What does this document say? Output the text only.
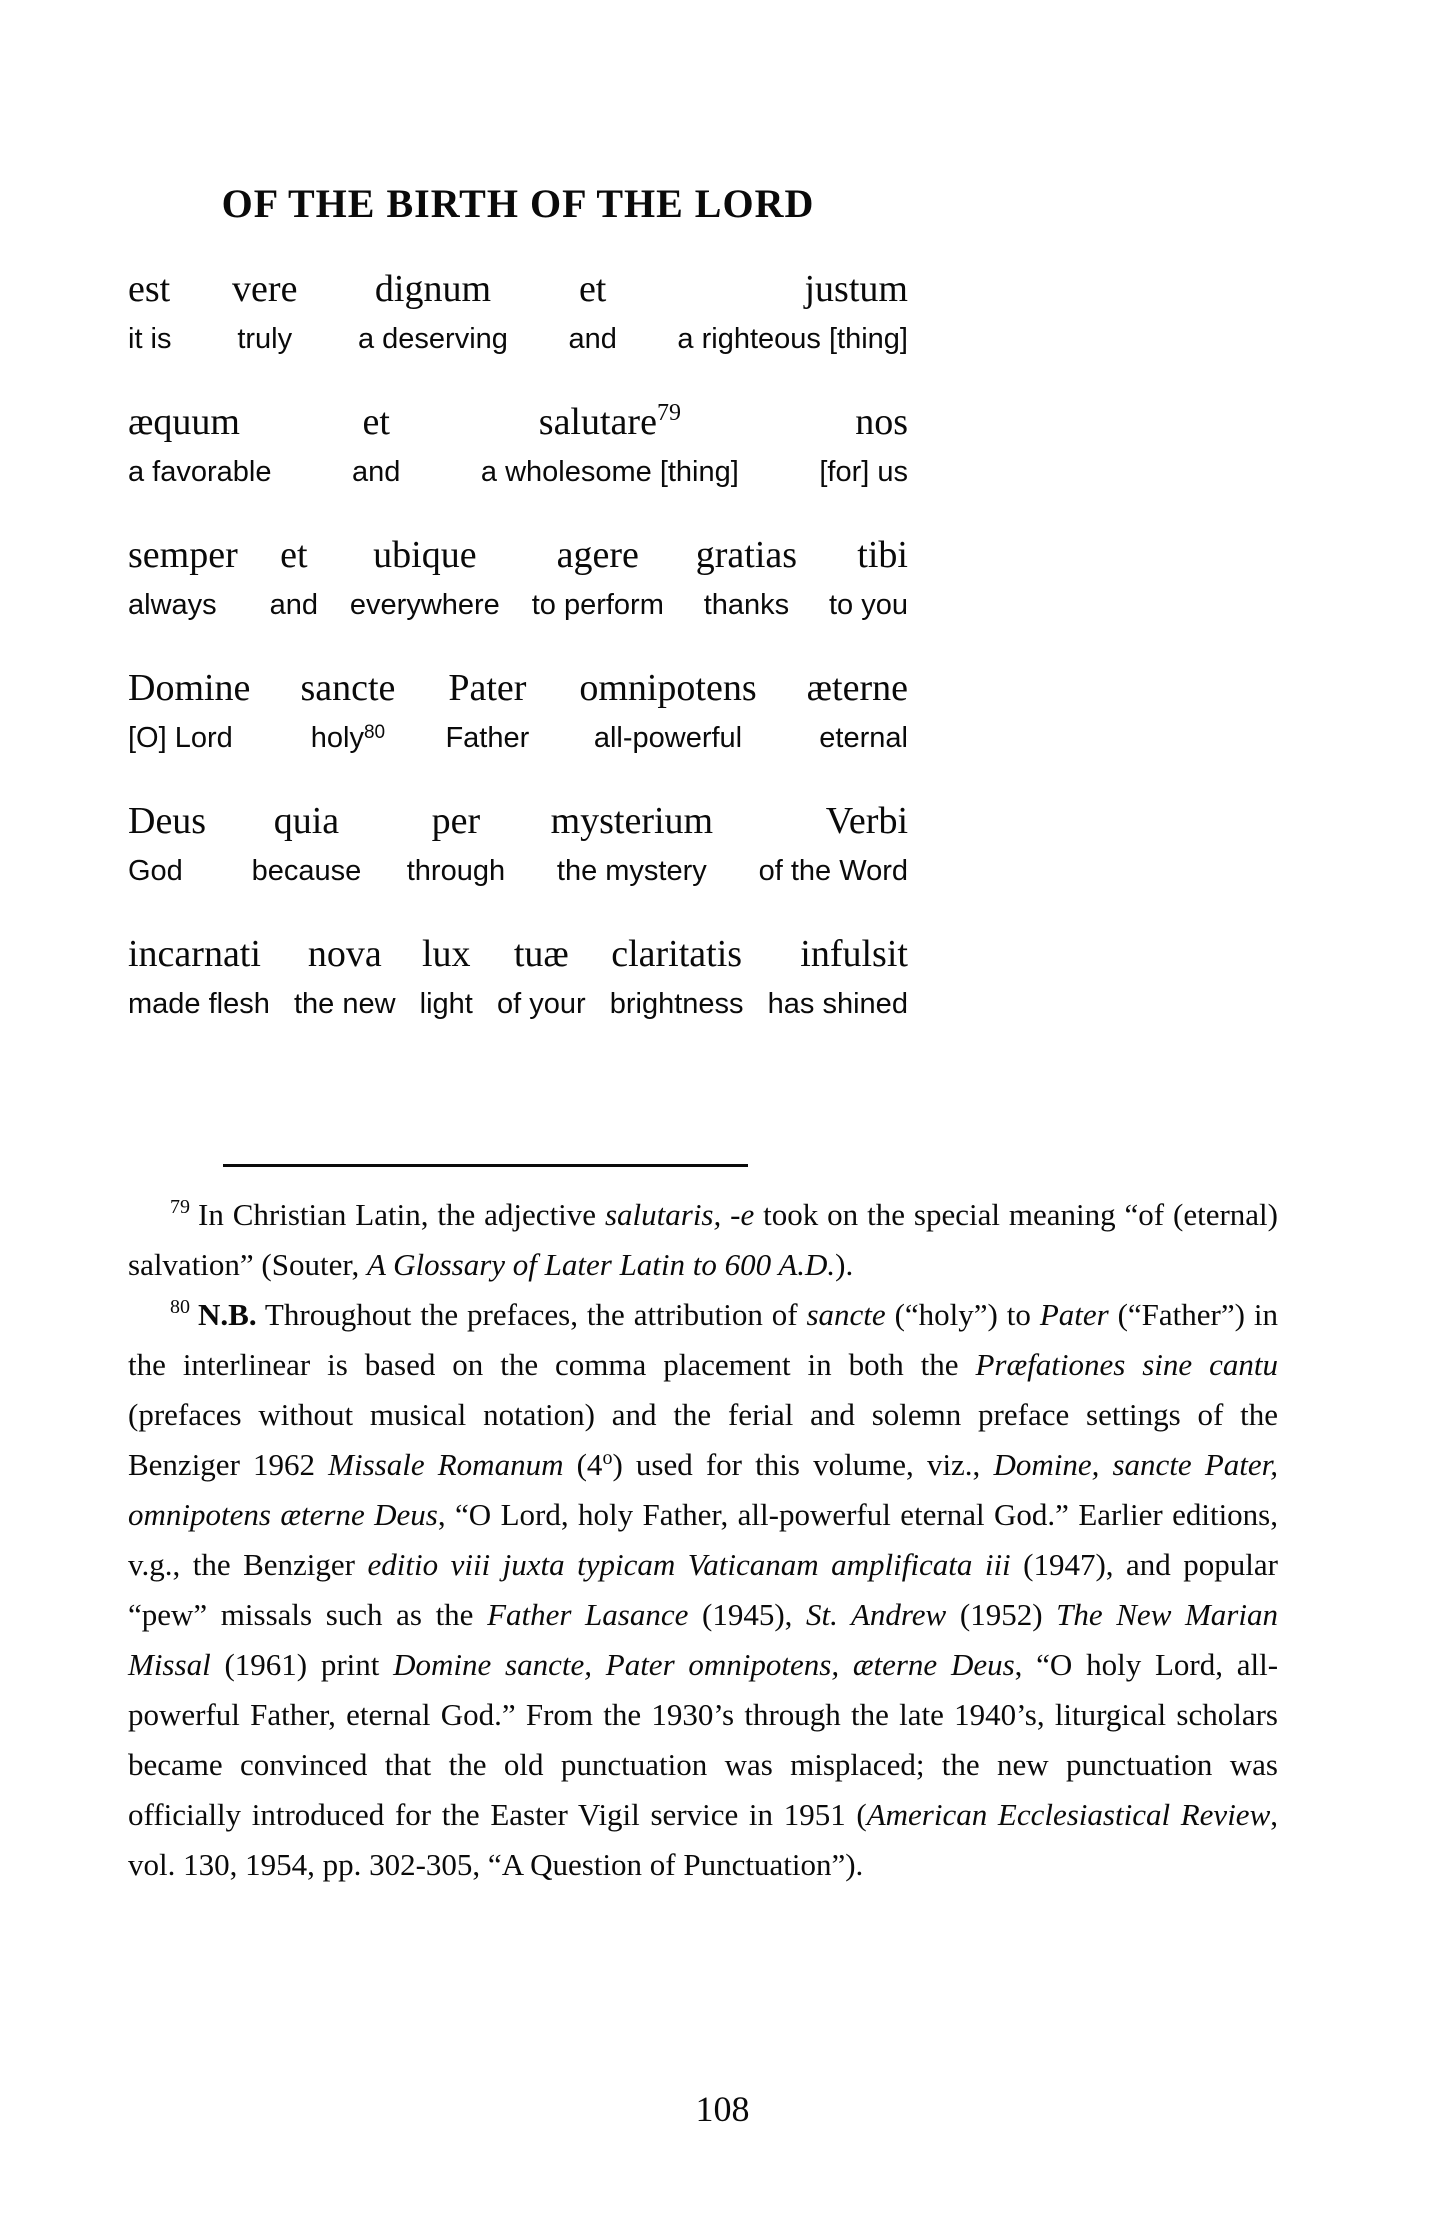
OF THE BIRTH OF THE LORD
est
it is
vere
truly
dignum
a deserving
et
and
justum
a righteous [thing]
æquum
a favorable
et
and
salutare$^{79}$
a wholesome [thing]
nos
[for] us
semper
always
et
and
ubique
everywhere
agere
to perform
gratias
thanks
tibi
to you
Domine
[O] Lord
sancte
holy$^{80}$
Pater
Father
omnipotens
all-powerful
æterne
eternal
Deus
God
quia
because
per
through
mysterium
the mystery
Verbi
of the Word
incarnati
made flesh
nova
the new
lux
light
tuæ
of your
claritatis
brightness
infulsit
has shined

$^{79}$ In Christian Latin, the adjective salutaris, -e took on the special meaning “of (eternal) salvation” (Souter, A Glossary of Later Latin to 600 A.D.).

$^{80}$ N.B. Throughout the prefaces, the attribution of sancte (“holy”) to Pater (“Father”) in the interlinear is based on the comma placement in both the Præfationes sine cantu (prefaces without musical notation) and the ferial and solemn preface settings of the Benziger 1962 Missale Romanum (4$^o$) used for this volume, viz., Domine, sancte Pater, omnipotens æterne Deus, “O Lord, holy Father, all-powerful eternal God.” Earlier editions, v.g., the Benziger editio viii juxta typicam Vaticanam amplificata iii (1947), and popular “pew” missals such as the Father Lasance (1945), St. Andrew (1952) The New Marian Missal (1961) print Domine sancte, Pater omnipotens, æterne Deus, “O holy Lord, all-powerful Father, eternal God.” From the 1930’s through the late 1940’s, liturgical scholars became convinced that the old punctuation was misplaced; the new punctuation was officially introduced for the Easter Vigil service in 1951 (American Ecclesiastical Review, vol. 130, 1954, pp. 302-305, “A Question of Punctuation”).

108
